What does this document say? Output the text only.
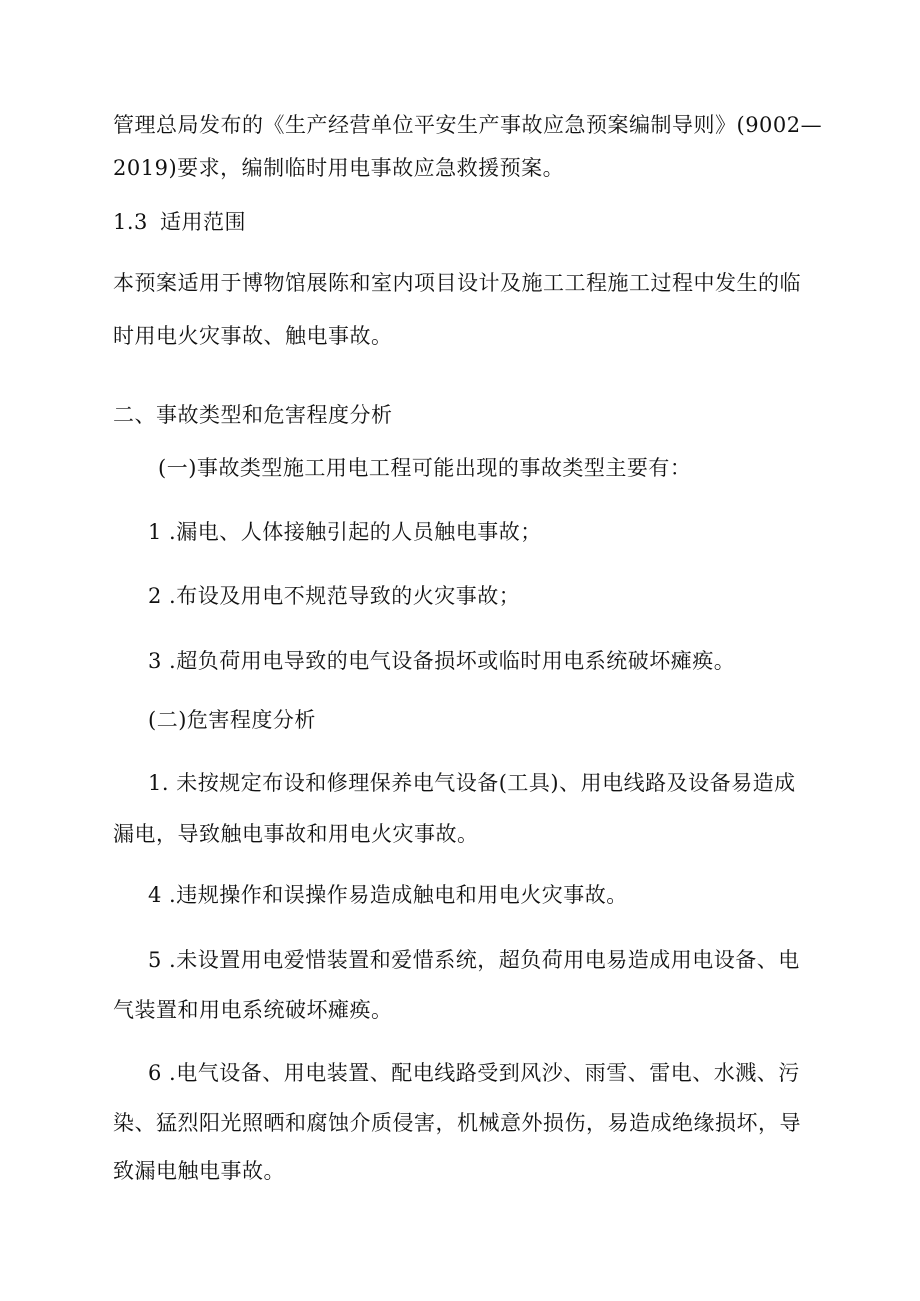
管理总局发布的《生产经营单位平安生产事故应急预案编制导则》(9002—
2019)要求，编制临时用电事故应急救援预案。
1.3 适用范围
本预案适用于博物馆展陈和室内项目设计及施工工程施工过程中发生的临
时用电火灾事故、触电事故。
二、事故类型和危害程度分析
(一)事故类型施工用电工程可能出现的事故类型主要有：
1 .漏电、人体接触引起的人员触电事故；
2 .布设及用电不规范导致的火灾事故；
3 .超负荷用电导致的电气设备损坏或临时用电系统破坏瘫痪。
(二)危害程度分析
1. 未按规定布设和修理保养电气设备(工具)、用电线路及设备易造成
漏电，导致触电事故和用电火灾事故。
4 .违规操作和误操作易造成触电和用电火灾事故。
5 .未设置用电爱惜装置和爱惜系统，超负荷用电易造成用电设备、电
气装置和用电系统破坏瘫痪。
6 .电气设备、用电装置、配电线路受到风沙、雨雪、雷电、水溅、污
染、猛烈阳光照晒和腐蚀介质侵害，机械意外损伤，易造成绝缘损坏，导
致漏电触电事故。
